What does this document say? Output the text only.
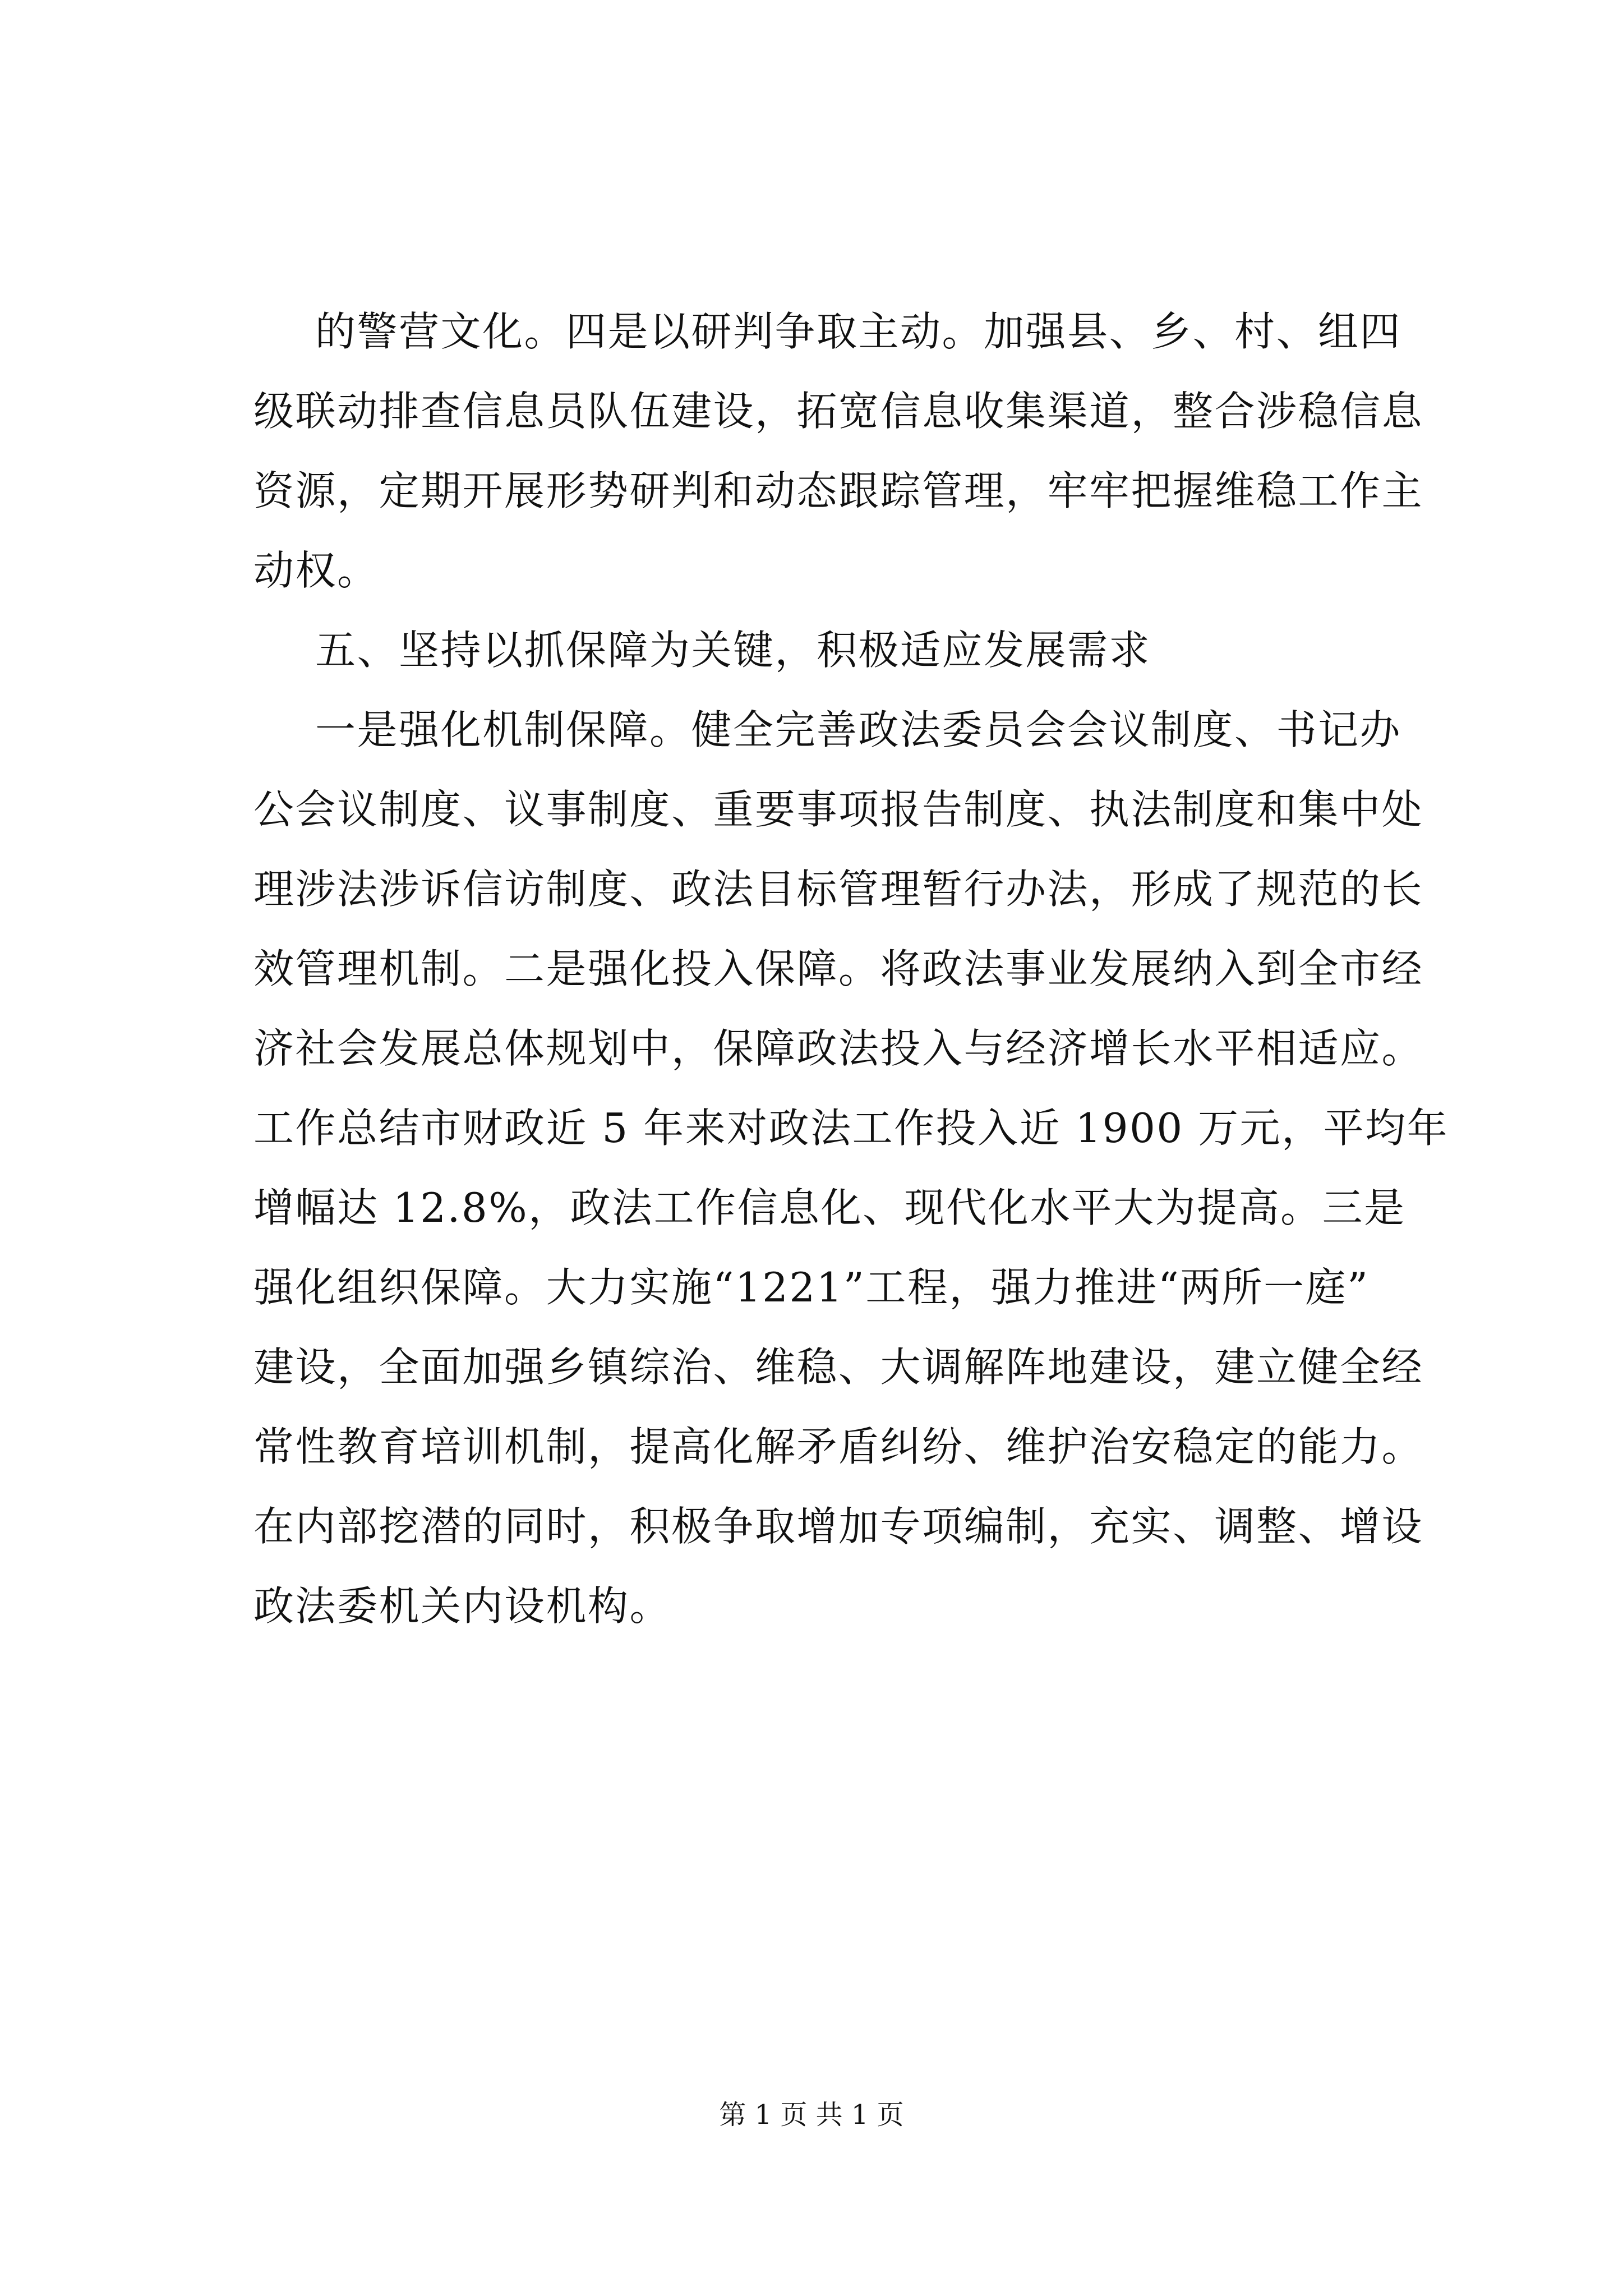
的警营文化。四是以研判争取主动。加强县、乡、村、组四
级联动排查信息员队伍建设，拓宽信息收集渠道，整合涉稳信息
资源，定期开展形势研判和动态跟踪管理，牢牢把握维稳工作主
动权。
五、坚持以抓保障为关键，积极适应发展需求
一是强化机制保障。健全完善政法委员会会议制度、书记办
公会议制度、议事制度、重要事项报告制度、执法制度和集中处
理涉法涉诉信访制度、政法目标管理暂行办法，形成了规范的长
效管理机制。二是强化投入保障。将政法事业发展纳入到全市经
济社会发展总体规划中，保障政法投入与经济增长水平相适应。
工作总结市财政近 5 年来对政法工作投入近 1900 万元，平均年
增幅达 12.8%，政法工作信息化、现代化水平大为提高。三是
强化组织保障。大力实施“1221”工程，强力推进“两所一庭”
建设，全面加强乡镇综治、维稳、大调解阵地建设，建立健全经
常性教育培训机制，提高化解矛盾纠纷、维护治安稳定的能力。
在内部挖潜的同时，积极争取增加专项编制，充实、调整、增设
政法委机关内设机构。
第 1 页 共 1 页
